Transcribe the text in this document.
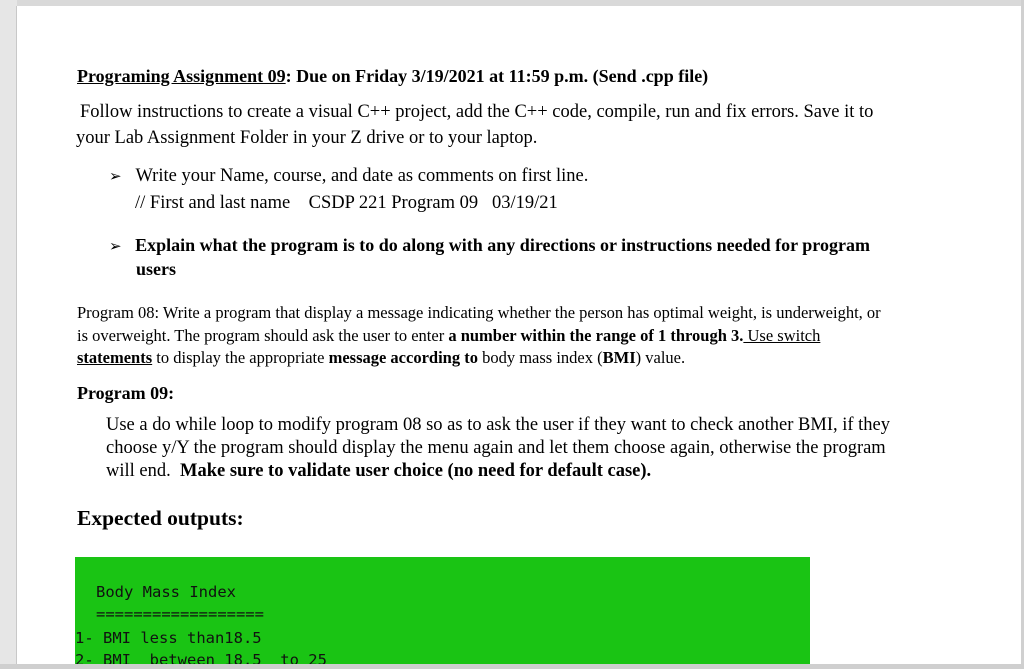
Programing Assignment 09: Due on Friday 3/19/2021 at 11:59 p.m. (Send .cpp file)
Follow instructions to create a visual C++ project, add the C++ code, compile, run and fix errors. Save it to
your Lab Assignment Folder in your Z drive or to your laptop.
➢ Write your Name, course, and date as comments on first line.
// First and last name    CSDP 221 Program 09   03/19/21
➢ Explain what the program is to do along with any directions or instructions needed for program
users
Program 08: Write a program that display a message indicating whether the person has optimal weight, is underweight, or
is overweight. The program should ask the user to enter a number within the range of 1 through 3. Use switch
statements to display the appropriate message according to body mass index (BMI) value.
Program 09:
Use a do while loop to modify program 08 so as to ask the user if they want to check another BMI, if they
choose y/Y the program should display the menu again and let them choose again, otherwise the program
will end.  Make sure to validate user choice (no need for default case).
Expected outputs:
Body Mass Index
==================
1- BMI less than18.5
2- BMI  between 18.5  to 25
